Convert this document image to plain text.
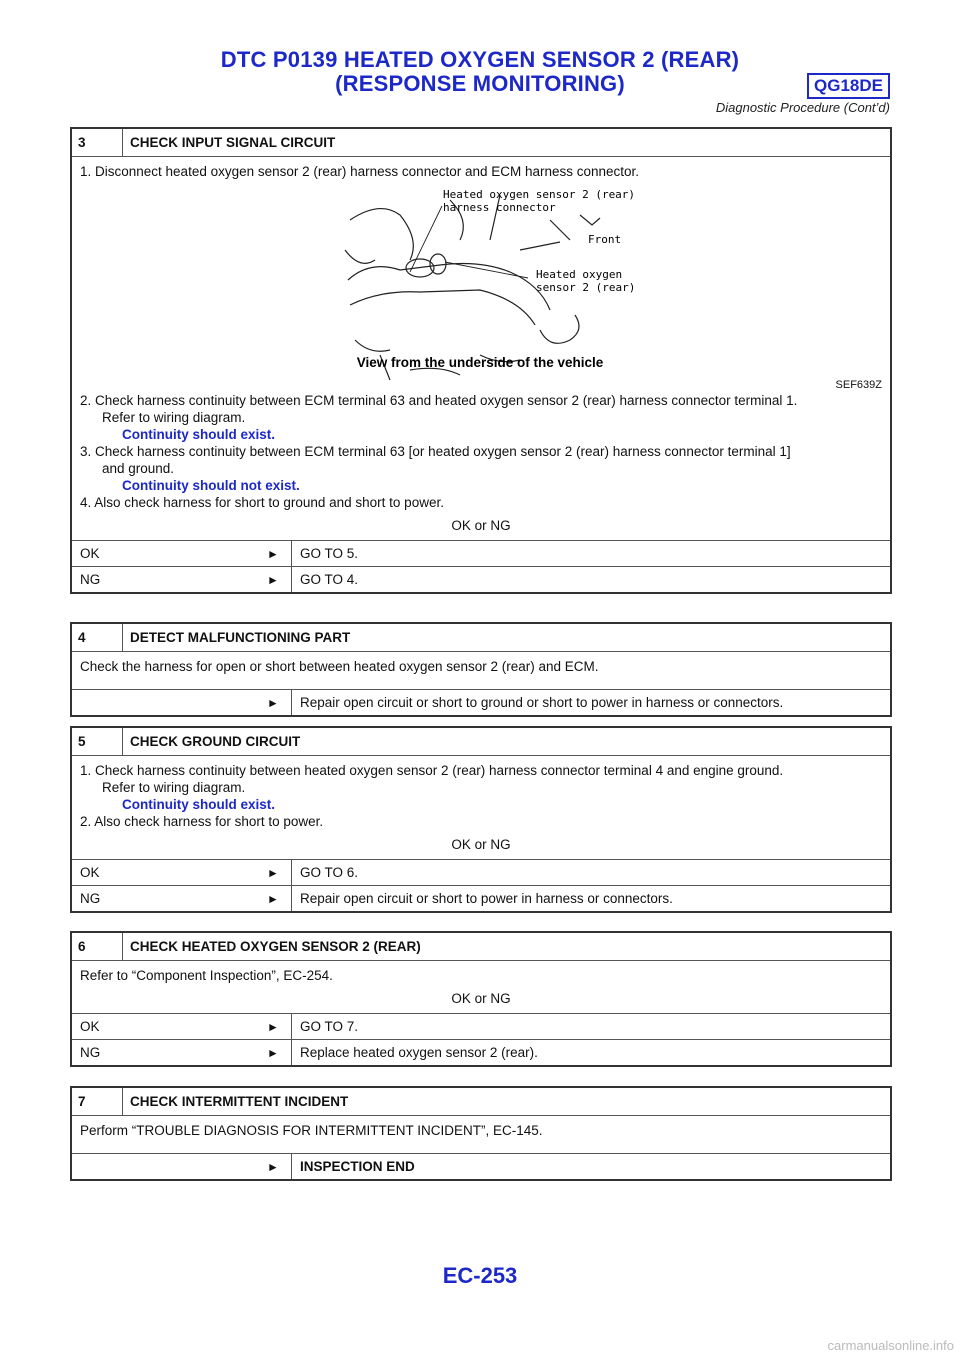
DTC P0139 HEATED OXYGEN SENSOR 2 (REAR)
(RESPONSE MONITORING)	QG18DE
Diagnostic Procedure (Cont’d)
3	CHECK INPUT SIGNAL CIRCUIT
1. Disconnect heated oxygen sensor 2 (rear) harness connector and ECM harness connector.
Heated oxygen sensor 2 (rear)
harness connector
Front
Heated oxygen
sensor 2 (rear)
View from the underside of the vehicle
SEF639Z
2. Check harness continuity between ECM terminal 63 and heated oxygen sensor 2 (rear) harness connector terminal 1.
Refer to wiring diagram.
Continuity should exist.
3. Check harness continuity between ECM terminal 63 [or heated oxygen sensor 2 (rear) harness connector terminal 1]
and ground.
Continuity should not exist.
4. Also check harness for short to ground and short to power.
OK or NG
OK	►	GO TO 5.
NG	►	GO TO 4.
4	DETECT MALFUNCTIONING PART
Check the harness for open or short between heated oxygen sensor 2 (rear) and ECM.
►	Repair open circuit or short to ground or short to power in harness or connectors.
5	CHECK GROUND CIRCUIT
1. Check harness continuity between heated oxygen sensor 2 (rear) harness connector terminal 4 and engine ground.
Refer to wiring diagram.
Continuity should exist.
2. Also check harness for short to power.
OK or NG
OK	►	GO TO 6.
NG	►	Repair open circuit or short to power in harness or connectors.
6	CHECK HEATED OXYGEN SENSOR 2 (REAR)
Refer to “Component Inspection”, EC-254.
OK or NG
OK	►	GO TO 7.
NG	►	Replace heated oxygen sensor 2 (rear).
7	CHECK INTERMITTENT INCIDENT
Perform “TROUBLE DIAGNOSIS FOR INTERMITTENT INCIDENT”, EC-145.
►	INSPECTION END
EC-253
carmanualsonline.info
